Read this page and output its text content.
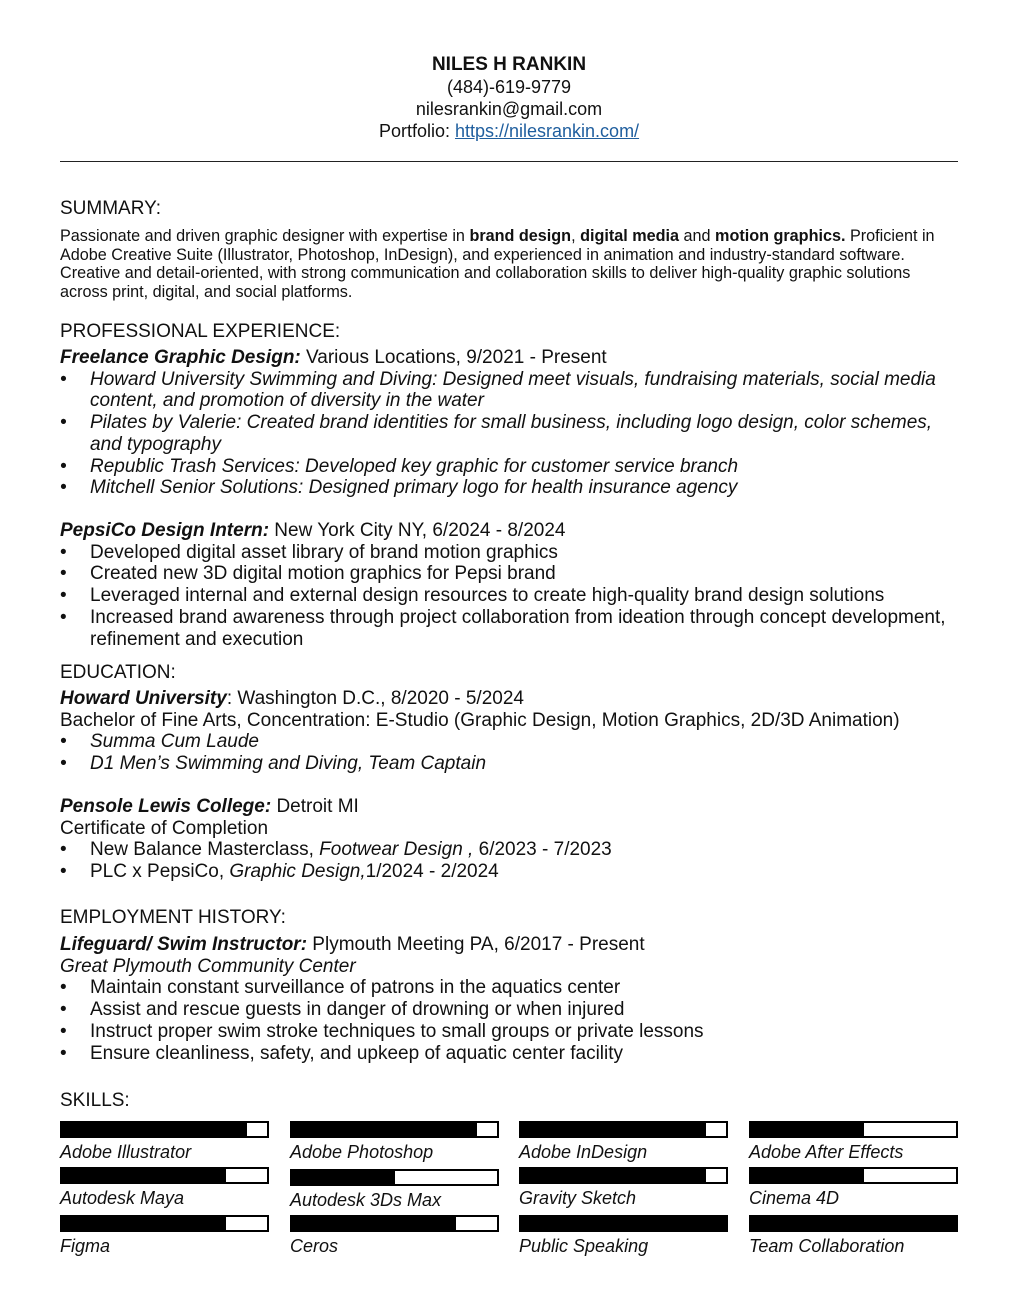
NILES H RANKIN
(484)-619-9779
nilesrankin@gmail.com
Portfolio: https://nilesrankin.com/
SUMMARY:
Passionate and driven graphic designer with expertise in brand design, digital media and motion graphics. Proficient in Adobe Creative Suite (Illustrator, Photoshop, InDesign), and experienced in animation and industry-standard software. Creative and detail-oriented, with strong communication and collaboration skills to deliver high-quality graphic solutions across print, digital, and social platforms.
PROFESSIONAL EXPERIENCE:
Freelance Graphic Design: Various Locations, 9/2021 - Present
• Howard University Swimming and Diving: Designed meet visuals, fundraising materials, social media content, and promotion of diversity in the water
• Pilates by Valerie: Created brand identities for small business, including logo design, color schemes, and typography
• Republic Trash Services: Developed key graphic for customer service branch
• Mitchell Senior Solutions: Designed primary logo for health insurance agency
PepsiCo Design Intern: New York City NY, 6/2024 - 8/2024
• Developed digital asset library of brand motion graphics
• Created new 3D digital motion graphics for Pepsi brand
• Leveraged internal and external design resources to create high-quality brand design solutions
• Increased brand awareness through project collaboration from ideation through concept development, refinement and execution
EDUCATION:
Howard University: Washington D.C., 8/2020 - 5/2024
Bachelor of Fine Arts, Concentration: E-Studio (Graphic Design, Motion Graphics, 2D/3D Animation)
• Summa Cum Laude
• D1 Men’s Swimming and Diving, Team Captain
Pensole Lewis College: Detroit MI
Certificate of Completion
• New Balance Masterclass, Footwear Design , 6/2023 - 7/2023
• PLC x PepsiCo, Graphic Design,1/2024 - 2/2024
EMPLOYMENT HISTORY:
Lifeguard/ Swim Instructor: Plymouth Meeting PA, 6/2017 - Present
Great Plymouth Community Center
• Maintain constant surveillance of patrons in the aquatics center
• Assist and rescue guests in danger of drowning or when injured
• Instruct proper swim stroke techniques to small groups or private lessons
• Ensure cleanliness, safety, and upkeep of aquatic center facility
SKILLS:
Adobe Illustrator	Adobe Photoshop	Adobe InDesign	Adobe After Effects
Autodesk Maya	Autodesk 3Ds Max	Gravity Sketch	Cinema 4D
Figma	Ceros	Public Speaking	Team Collaboration
